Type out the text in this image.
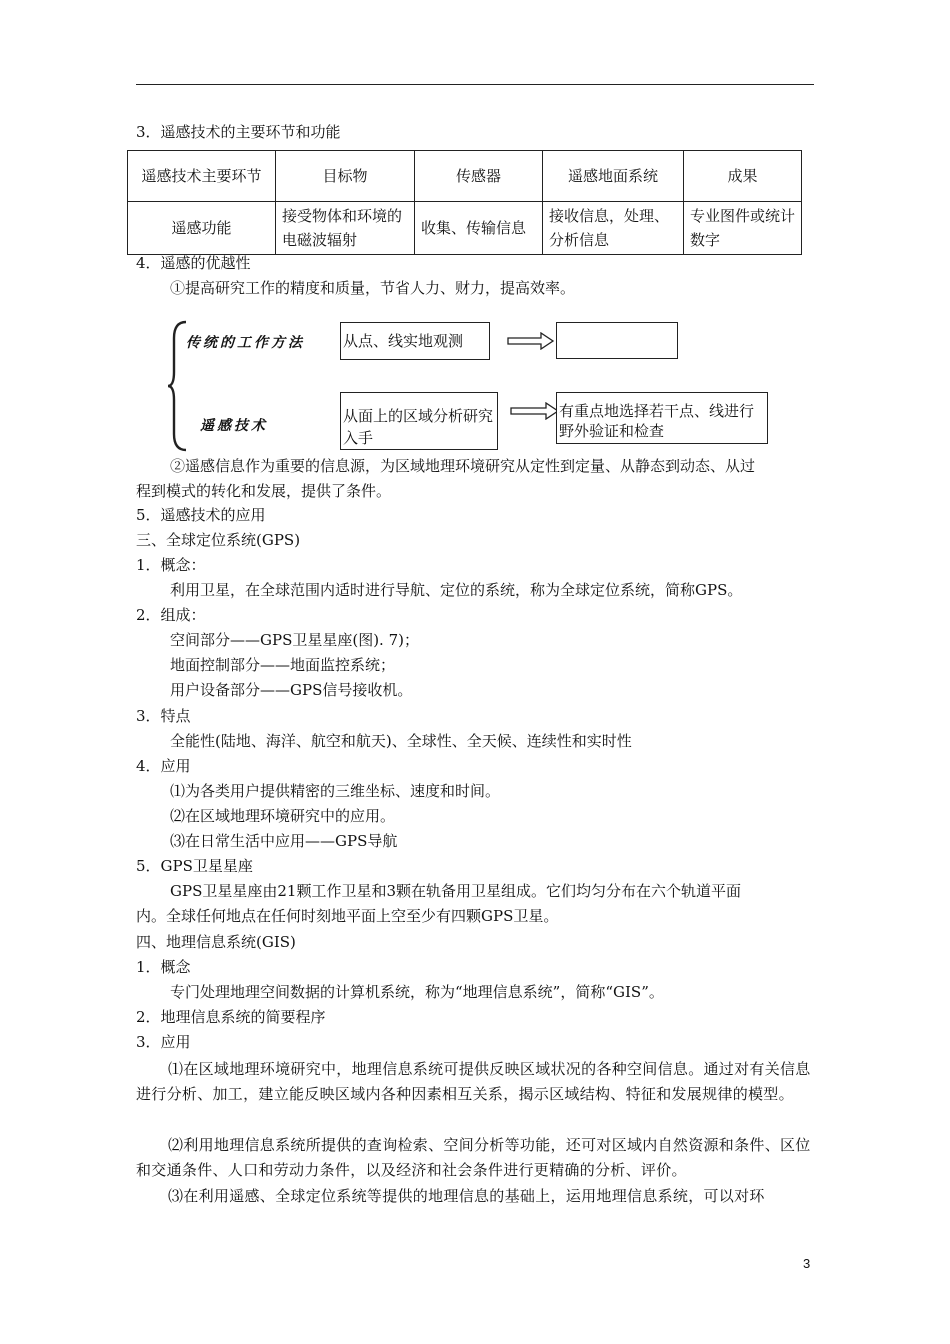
3．遥感技术的主要环节和功能
遥感技术主要环节	目标物	传感器	遥感地面系统	成果
遥感功能	接受物体和环境的电磁波辐射	收集、传输信息	接收信息，处理、分析信息	专业图件或统计数字
4．遥感的优越性
①提高研究工作的精度和质量，节省人力、财力，提高效率。
传统的工作方法
遥感技术
从点、线实地观测
从面上的区域分析研究入手
有重点地选择若干点、线进行野外验证和检查
②遥感信息作为重要的信息源，为区域地理环境研究从定性到定量、从静态到动态、从过
程到模式的转化和发展，提供了条件。
5．遥感技术的应用
三、全球定位系统(GPS)
1．概念：
利用卫星，在全球范围内适时进行导航、定位的系统，称为全球定位系统，简称GPS。
2．组成：
空间部分——GPS卫星星座(图). 7)；
地面控制部分——地面监控系统；
用户设备部分——GPS信号接收机。
3．特点
全能性(陆地、海洋、航空和航天)、全球性、全天候、连续性和实时性
4．应用
⑴为各类用户提供精密的三维坐标、速度和时间。
⑵在区域地理环境研究中的应用。
⑶在日常生活中应用——GPS导航
5．GPS卫星星座
GPS卫星星座由21颗工作卫星和3颗在轨备用卫星组成。它们均匀分布在六个轨道平面
内。全球任何地点在任何时刻地平面上空至少有四颗GPS卫星。
四、地理信息系统(GIS)
1．概念
专门处理地理空间数据的计算机系统，称为“地理信息系统”，简称“GIS”。
2．地理信息系统的简要程序
3．应用
⑴在区域地理环境研究中，地理信息系统可提供反映区域状况的各种空间信息。通过对有关信息进行分析、加工，建立能反映区域内各种因素相互关系，揭示区域结构、特征和发展规律的模型。
⑵利用地理信息系统所提供的查询检索、空间分析等功能，还可对区域内自然资源和条件、区位和交通条件、人口和劳动力条件，以及经济和社会条件进行更精确的分析、评价。
⑶在利用遥感、全球定位系统等提供的地理信息的基础上，运用地理信息系统，可以对环
3
